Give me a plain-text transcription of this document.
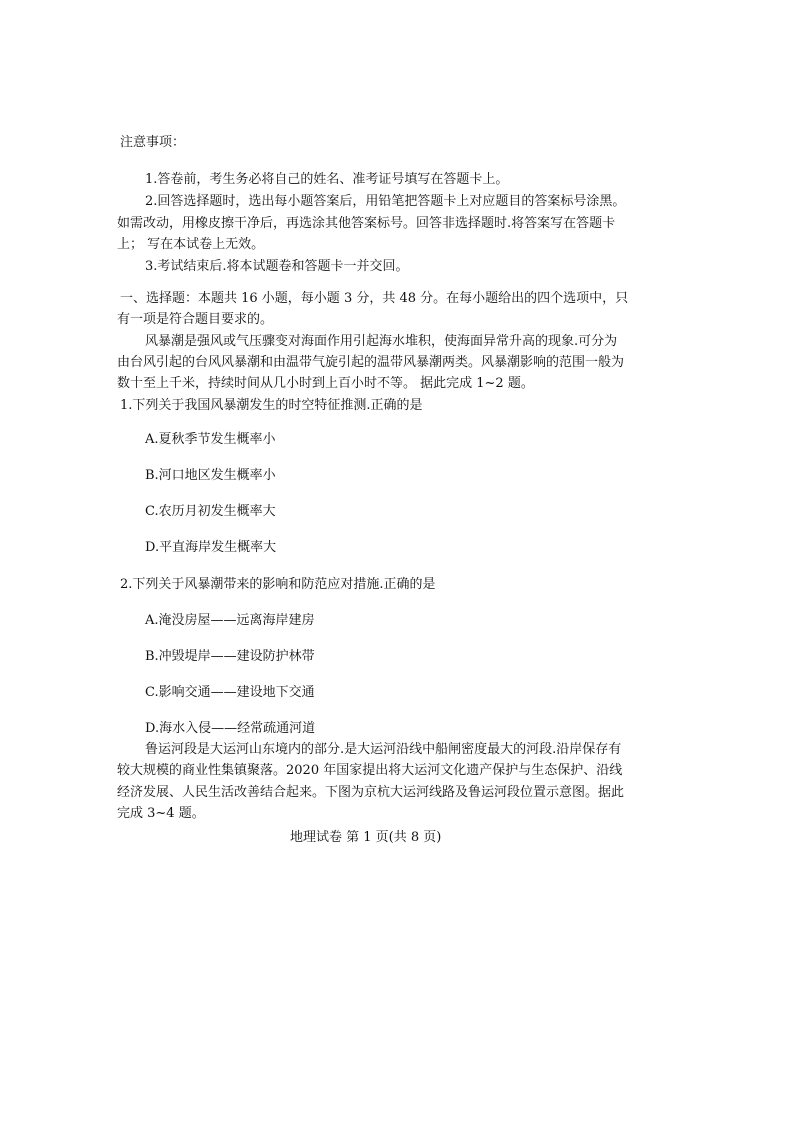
注意事项：
1.答卷前，考生务必将自己的姓名、准考证号填写在答题卡上。
2.回答选择题时，选出每小题答案后，用铅笔把答题卡上对应题目的答案标号涂黑。
如需改动，用橡皮擦干净后，再选涂其他答案标号。回答非选择题时.将答案写在答题卡
上； 写在本试卷上无效。
3.考试结束后.将本试题卷和答题卡一并交回。
一、选择题：本题共 16 小题，每小题 3 分，共 48 分。在每小题给出的四个选项中，只
有一项是符合题目要求的。
风暴潮是强风或气压骤变对海面作用引起海水堆积，使海面异常升高的现象.可分为
由台风引起的台风风暴潮和由温带气旋引起的温带风暴潮两类。风暴潮影响的范围一般为
数十至上千米，持续时间从几小时到上百小时不等。 据此完成 1~2 题。
1.下列关于我国风暴潮发生的时空特征推测.正确的是
A.夏秋季节发生概率小
B.河口地区发生概率小
C.农历月初发生概率大
D.平直海岸发生概率大
2.下列关于风暴潮带来的影响和防范应对措施.正确的是
A.淹没房屋——远离海岸建房
B.冲毁堤岸——建设防护林带
C.影响交通——建设地下交通
D.海水入侵——经常疏通河道
鲁运河段是大运河山东境内的部分.是大运河沿线中船闸密度最大的河段.沿岸保存有
较大规模的商业性集镇聚落。2020 年国家提出将大运河文化遗产保护与生态保护、沿线
经济发展、人民生活改善结合起来。下图为京杭大运河线路及鲁运河段位置示意图。据此
完成 3~4 题。
地理试卷 第 1 页(共 8 页)
